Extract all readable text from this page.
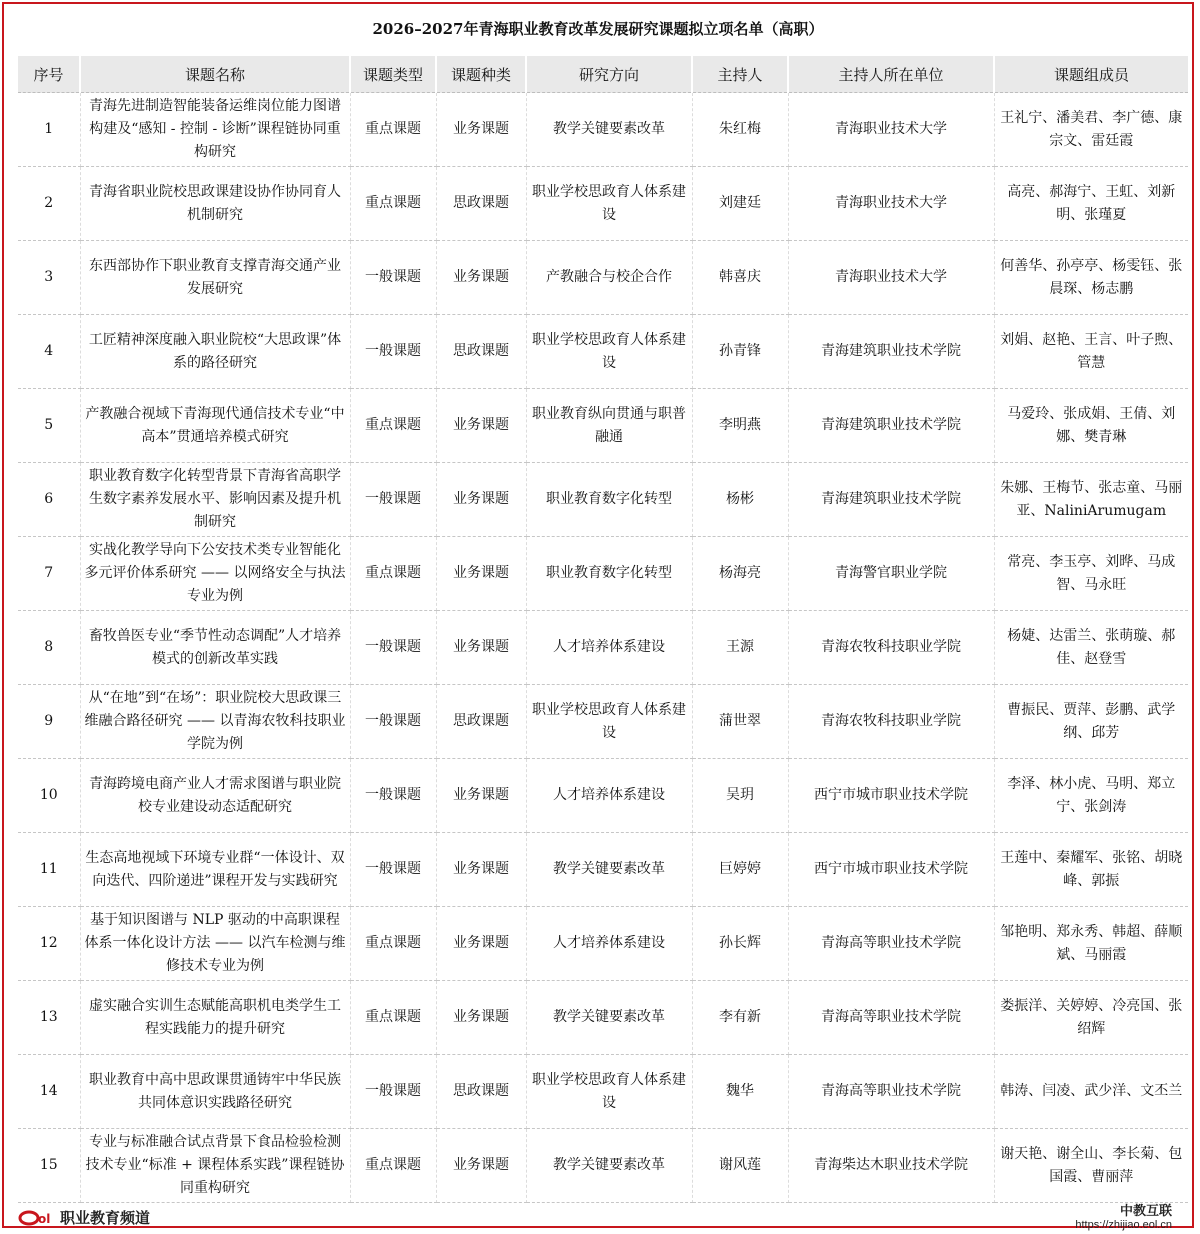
2026–2027年青海职业教育改革发展研究课题拟立项名单（高职）
序号	课题名称	课题类型	课题种类	研究方向	主持人	主持人所在单位	课题组成员
1	青海先进制造智能装备运维岗位能力图谱构建及“感知 - 控制 - 诊断”课程链协同重构研究	重点课题	业务课题	教学关键要素改革	朱红梅	青海职业技术大学	王礼宁、潘美君、李广德、康宗文、雷廷霞
2	青海省职业院校思政课建设协作协同育人机制研究	重点课题	思政课题	职业学校思政育人体系建设	刘建廷	青海职业技术大学	高亮、郝海宁、王虹、刘新明、张瑾夏
3	东西部协作下职业教育支撑青海交通产业发展研究	一般课题	业务课题	产教融合与校企合作	韩喜庆	青海职业技术大学	何善华、孙亭亭、杨雯钰、张晨琛、杨志鹏
4	工匠精神深度融入职业院校“大思政课”体系的路径研究	一般课题	思政课题	职业学校思政育人体系建设	孙青锋	青海建筑职业技术学院	刘娟、赵艳、王言、叶子煦、管慧
5	产教融合视域下青海现代通信技术专业“中高本”贯通培养模式研究	重点课题	业务课题	职业教育纵向贯通与职普融通	李明燕	青海建筑职业技术学院	马爱玲、张成娟、王倩、刘娜、樊青琳
6	职业教育数字化转型背景下青海省高职学生数字素养发展水平、影响因素及提升机制研究	一般课题	业务课题	职业教育数字化转型	杨彬	青海建筑职业技术学院	朱娜、王梅节、张志童、马丽亚、NaliniArumugam
7	实战化教学导向下公安技术类专业智能化多元评价体系研究 —— 以网络安全与执法专业为例	重点课题	业务课题	职业教育数字化转型	杨海亮	青海警官职业学院	常亮、李玉亭、刘晔、马成智、马永旺
8	畜牧兽医专业“季节性动态调配”人才培养模式的创新改革实践	一般课题	业务课题	人才培养体系建设	王源	青海农牧科技职业学院	杨婕、达雷兰、张萌璇、郝佳、赵登雪
9	从“在地”到“在场”：职业院校大思政课三维融合路径研究 —— 以青海农牧科技职业学院为例	一般课题	思政课题	职业学校思政育人体系建设	蒲世翠	青海农牧科技职业学院	曹振民、贾萍、彭鹏、武学纲、邱芳
10	青海跨境电商产业人才需求图谱与职业院校专业建设动态适配研究	一般课题	业务课题	人才培养体系建设	吴玥	西宁市城市职业技术学院	李泽、林小虎、马明、郑立宁、张剑涛
11	生态高地视域下环境专业群“一体设计、双向迭代、四阶递进”课程开发与实践研究	一般课题	业务课题	教学关键要素改革	巨婷婷	西宁市城市职业技术学院	王莲中、秦耀军、张铭、胡晓峰、郭振
12	基于知识图谱与 NLP 驱动的中高职课程体系一体化设计方法 —— 以汽车检测与维修技术专业为例	重点课题	业务课题	人才培养体系建设	孙长辉	青海高等职业技术学院	邹艳明、郑永秀、韩超、薛顺斌、马丽霞
13	虚实融合实训生态赋能高职机电类学生工程实践能力的提升研究	重点课题	业务课题	教学关键要素改革	李有新	青海高等职业技术学院	娄振洋、关婷婷、冷亮国、张绍辉
14	职业教育中高中思政课贯通铸牢中华民族共同体意识实践路径研究	一般课题	思政课题	职业学校思政育人体系建设	魏华	青海高等职业技术学院	韩涛、闫凌、武少洋、文丕兰
15	专业与标准融合试点背景下食品检验检测技术专业“标准 + 课程体系实践”课程链协同重构研究	重点课题	业务课题	教学关键要素改革	谢风莲	青海柴达木职业技术学院	谢天艳、谢全山、李长菊、包国霞、曹丽萍
ol 职业教育频道	中教互联
https://zhijiao.eol.cn
